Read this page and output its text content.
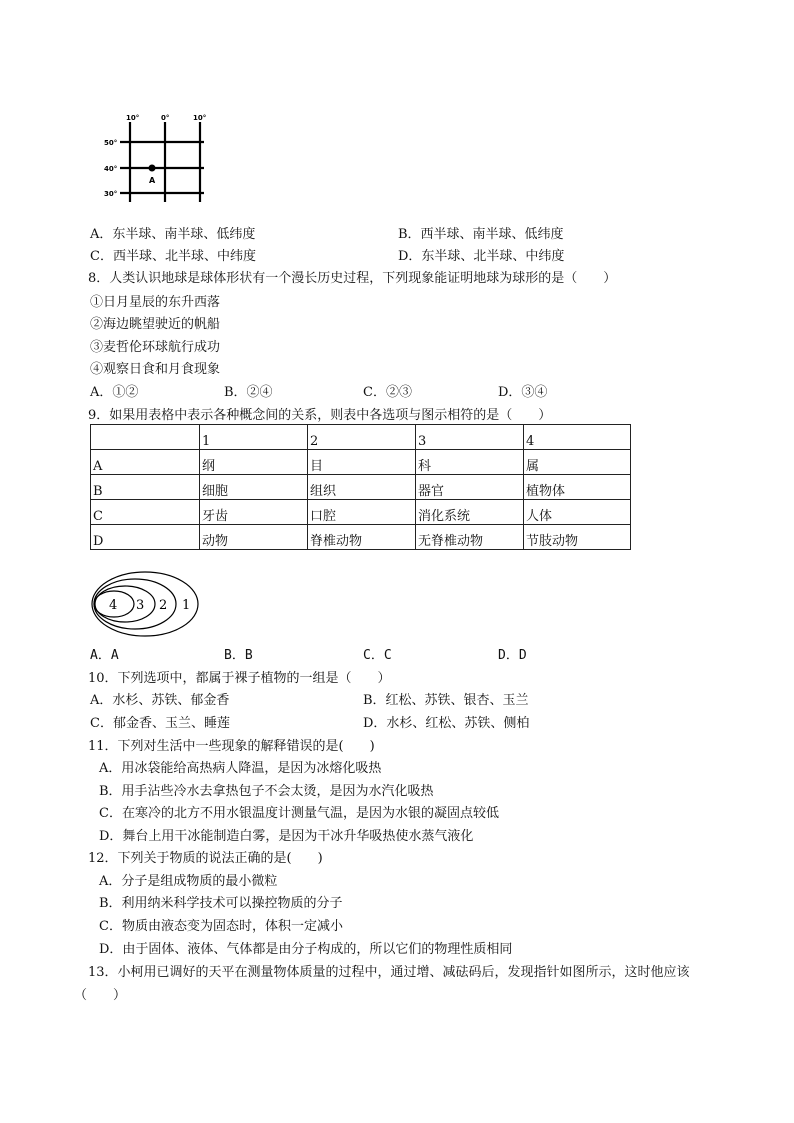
10°	0°	10°
50°
40°
30°
A
A．东半球、南半球、低纬度	B．西半球、南半球、低纬度
C．西半球、北半球、中纬度	D．东半球、北半球、中纬度
8．人类认识地球是球体形状有一个漫长历史过程，下列现象能证明地球为球形的是（　　）
①日月星辰的东升西落
②海边眺望驶近的帆船
③麦哲伦环球航行成功
④观察日食和月食现象
A．①②	B．②④	C．②③	D．③④
9．如果用表格中表示各种概念间的关系，则表中各选项与图示相符的是（　　）
	1	2	3	4
A	纲	目	科	属
B	细胞	组织	器官	植物体
C	牙齿	口腔	消化系统	人体
D	动物	脊椎动物	无脊椎动物	节肢动物
4 3 2 1
A．A	B．B	C．C	D．D
10．下列选项中，都属于裸子植物的一组是（　　）
A．水杉、苏铁、郁金香	B．红松、苏铁、银杏、玉兰
C．郁金香、玉兰、睡莲	D．水杉、红松、苏铁、侧柏
11．下列对生活中一些现象的解释错误的是(　　)
A．用冰袋能给高热病人降温，是因为冰熔化吸热
B．用手沾些冷水去拿热包子不会太烫，是因为水汽化吸热
C．在寒冷的北方不用水银温度计测量气温，是因为水银的凝固点较低
D．舞台上用干冰能制造白雾，是因为干冰升华吸热使水蒸气液化
12．下列关于物质的说法正确的是(　　)
A．分子是组成物质的最小微粒
B．利用纳米科学技术可以操控物质的分子
C．物质由液态变为固态时，体积一定减小
D．由于固体、液体、气体都是由分子构成的，所以它们的物理性质相同
13．小柯用已调好的天平在测量物体质量的过程中，通过增、减砝码后，发现指针如图所示，这时他应该
（　　）
